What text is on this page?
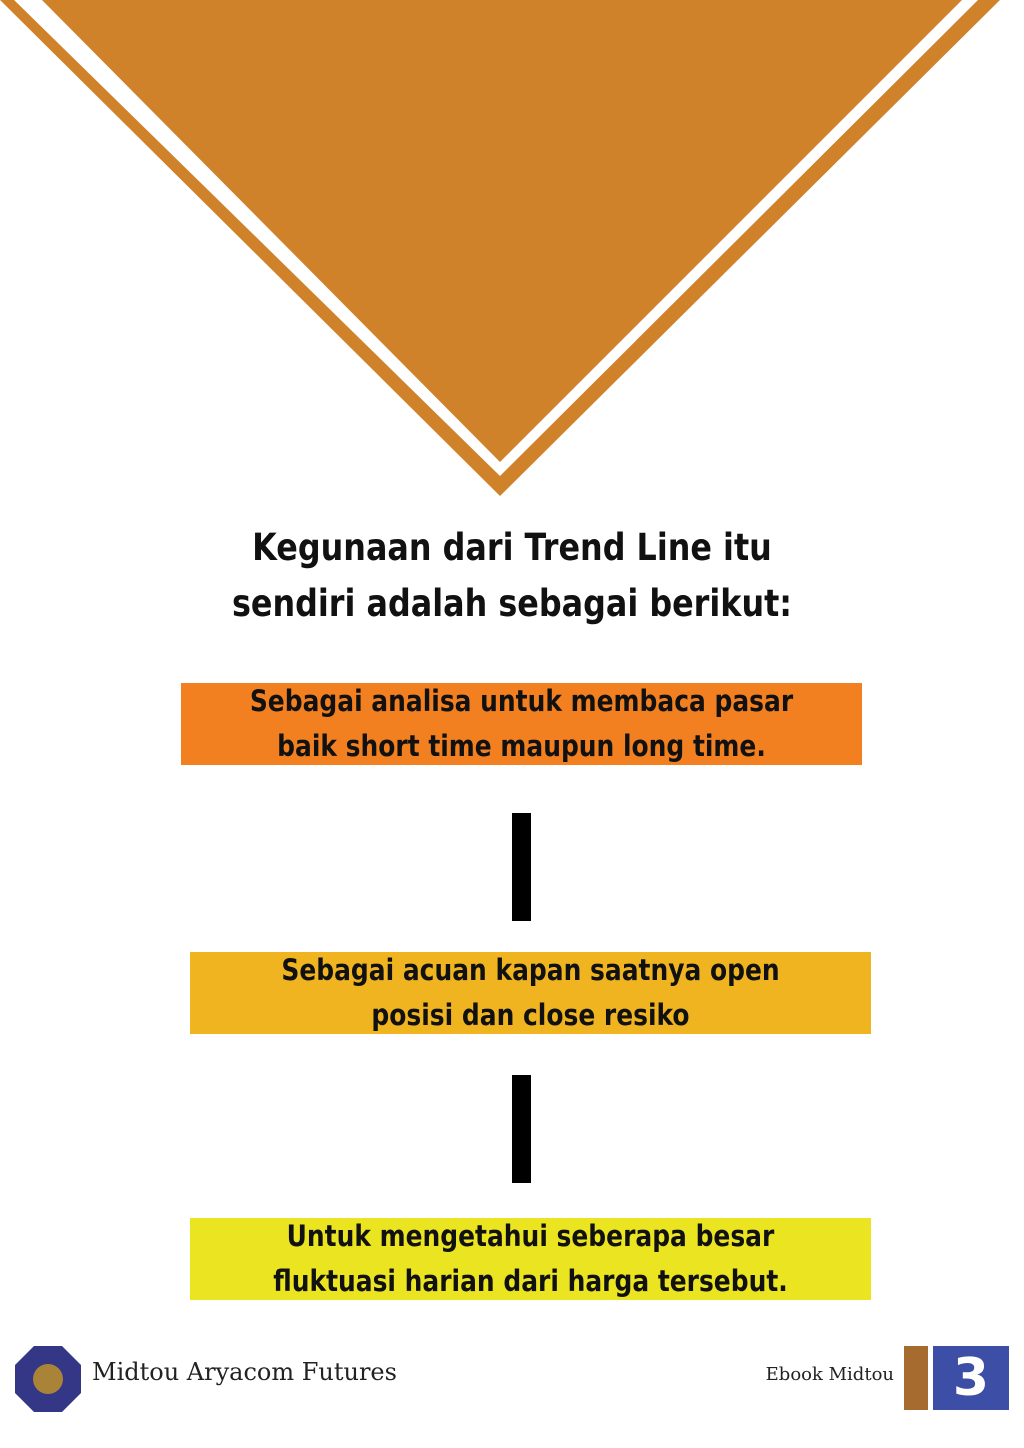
Kegunaan dari Trend Line itu sendiri adalah sebagai berikut:
Sebagai analisa untuk membaca pasar baik short time maupun long time.
Sebagai acuan kapan saatnya open posisi dan close resiko
Untuk mengetahui seberapa besar fluktuasi harian dari harga tersebut.
Midtou Aryacom Futures	Ebook Midtou	3
